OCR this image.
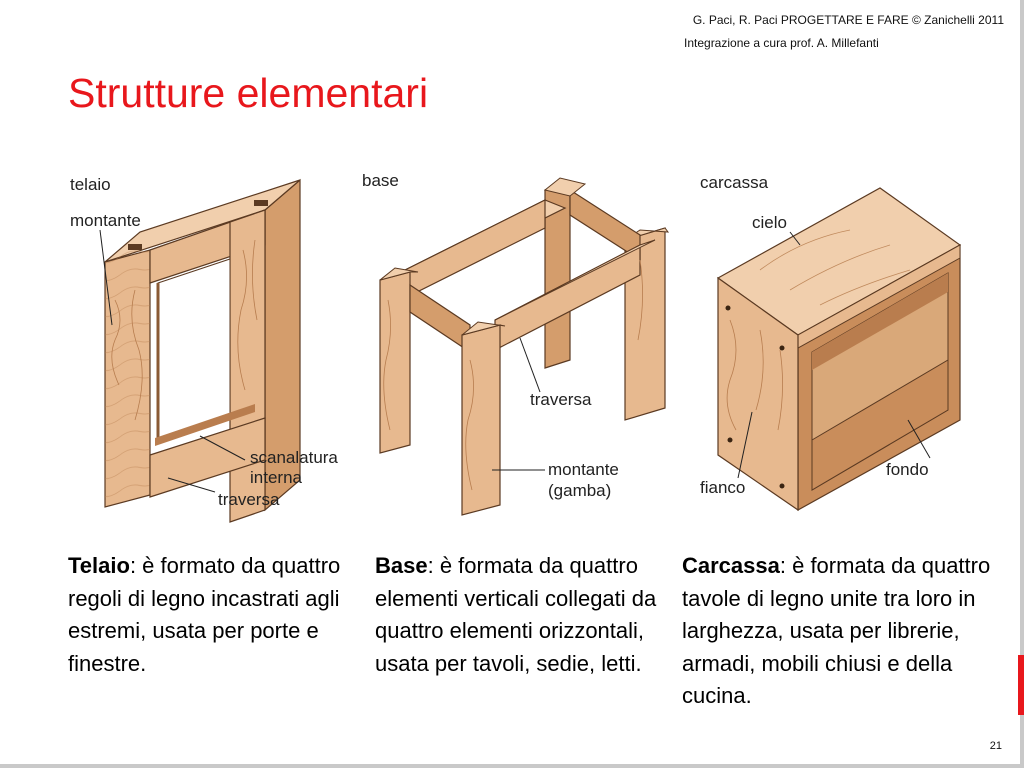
G. Paci, R. Paci PROGETTARE E FARE © Zanichelli 2011
Integrazione a cura prof. A. Millefanti
Strutture elementari
telaio
montante
scanalatura
interna
traversa
base
traversa
montante
(gamba)
carcassa
cielo
fianco
fondo
Telaio: è formato da quattro regoli di legno incastrati agli estremi, usata per porte e finestre.
Base: è formata da quattro elementi verticali collegati da quattro elementi orizzontali, usata per tavoli, sedie, letti.
Carcassa: è formata da quattro tavole di legno unite tra loro in larghezza, usata per librerie, armadi, mobili chiusi e della cucina.
21
